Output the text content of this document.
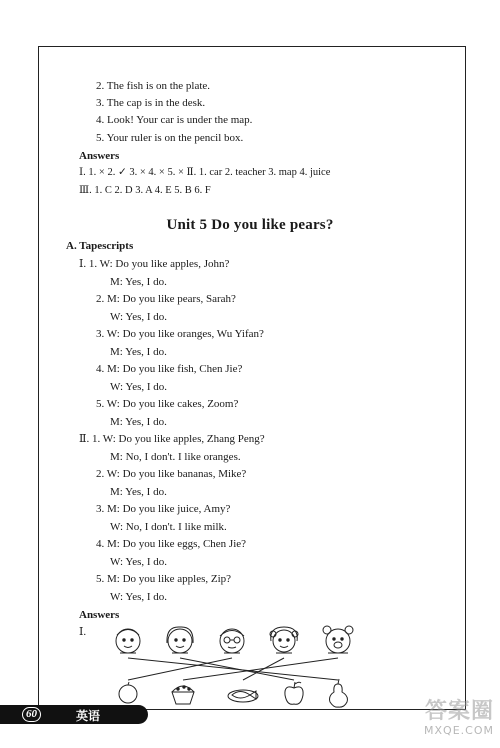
2. The fish is on the plate.
3. The cap is in the desk.
4. Look! Your car is under the map.
5. Your ruler is on the pencil box.
Answers
Ⅰ. 1. × 2. ✓ 3. × 4. × 5. × Ⅱ. 1. car 2. teacher 3. map 4. juice
Ⅲ. 1. C 2. D 3. A 4. E 5. B 6. F
Unit 5 Do you like pears?
A. Tapescripts
Ⅰ. 1. W: Do you like apples, John?
M: Yes, I do.
2. M: Do you like pears, Sarah?
W: Yes, I do.
3. W: Do you like oranges, Wu Yifan?
M: Yes, I do.
4. M: Do you like fish, Chen Jie?
W: Yes, I do.
5. W: Do you like cakes, Zoom?
M: Yes, I do.
Ⅱ. 1. W: Do you like apples, Zhang Peng?
M: No, I don't. I like oranges.
2. W: Do you like bananas, Mike?
M: Yes, I do.
3. M: Do you like juice, Amy?
W: No, I don't. I like milk.
4. M: Do you like eggs, Chen Jie?
W: Yes, I do.
5. M: Do you like apples, Zip?
W: Yes, I do.
Answers
Ⅰ.
60	英语	答案圈
MXQE.COM
